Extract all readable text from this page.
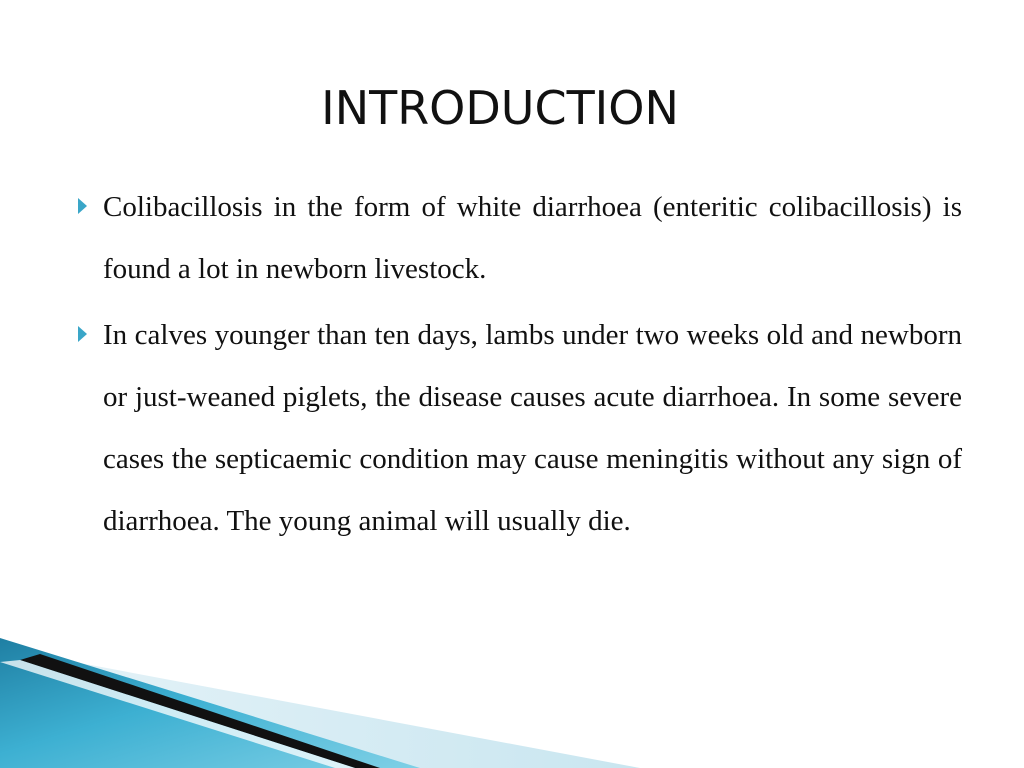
INTRODUCTION
Colibacillosis in the form of white diarrhoea (enteritic colibacillosis) is found a lot in newborn livestock.
In calves younger than ten days, lambs under two weeks old and newborn or just-weaned piglets, the disease causes acute diarrhoea. In some severe cases the septicaemic condition may cause meningitis without any sign of diarrhoea. The young animal will usually die.
